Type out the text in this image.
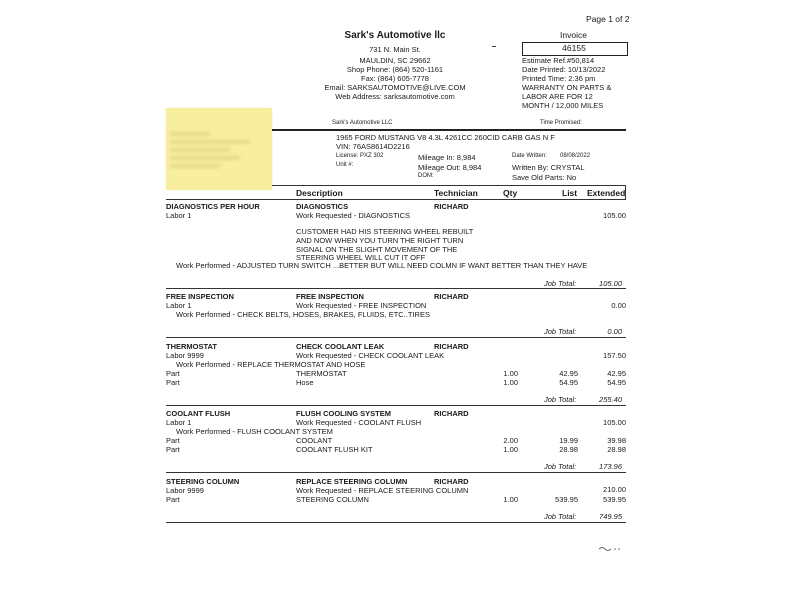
Page 1 of 2
Invoice
46155
Estimate Ref.#50,814
Date Printed: 10/13/2022
Printed Time: 2:36 pm
WARRANTY ON PARTS &
LABOR ARE FOR 12
MONTH / 12,000 MILES
Sark's Automotive llc
731 N. Main St.
MAULDIN, SC 29662
Shop Phone: (864) 520-1161
Fax: (864) 605-7778
Email: SARKSAUTOMOTIVE@LIVE.COM
Web Address: sarksautomotive.com
Sark's Automotive LLC	Time Promised:
1965 FORD MUSTANG V8 4.3L 4261CC 260CID CARB GAS N F
VIN: 76AS8614D2216
License: PXZ 302
Unit #:
Mileage In: 8,984
Mileage Out: 8,984
DOM:
Date Written: 08/08/2022
Written By: CRYSTAL
Save Old Parts: No
Description	Technician	Qty	List Extended
DIAGNOSTICS PER HOUR	DIAGNOSTICS	RICHARD
Labor 1	Work Requested - DIAGNOSTICS	105.00
CUSTOMER HAD HIS STEERING WHEEL REBUILT
AND NOW WHEN YOU TURN THE RIGHT TURN
SIGNAL ON THE SLIGHT MOVEMENT OF THE
STEERING WHEEL WILL CUT IT OFF
Work Performed - ADJUSTED TURN SWITCH ...BETTER BUT WILL NEED COLMN IF WANT BETTER THAN THEY HAVE
Job Total:	105.00
FREE INSPECTION	FREE INSPECTION	RICHARD
Labor 1	Work Requested - FREE INSPECTION	0.00
Work Performed - CHECK BELTS, HOSES, BRAKES, FLUIDS, ETC..TIRES
Job Total:	0.00
THERMOSTAT	CHECK COOLANT LEAK	RICHARD
Labor 9999	Work Requested - CHECK COOLANT LEAK	157.50
Work Performed - REPLACE THERMOSTAT AND HOSE
Part	THERMOSTAT	1.00	42.95	42.95
Part	Hose	1.00	54.95	54.95
Job Total:	255.40
COOLANT FLUSH	FLUSH COOLING SYSTEM	RICHARD
Labor 1	Work Requested - COOLANT FLUSH	105.00
Work Performed - FLUSH COOLANT SYSTEM
Part	COOLANT	2.00	19.99	39.98
Part	COOLANT FLUSH KIT	1.00	28.98	28.98
Job Total:	173.96
STEERING COLUMN	REPLACE STEERING COLUMN	RICHARD
Labor 9999	Work Requested - REPLACE STEERING COLUMN	210.00
Part	STEERING COLUMN	1.00	539.95	539.95
Job Total:	749.95
